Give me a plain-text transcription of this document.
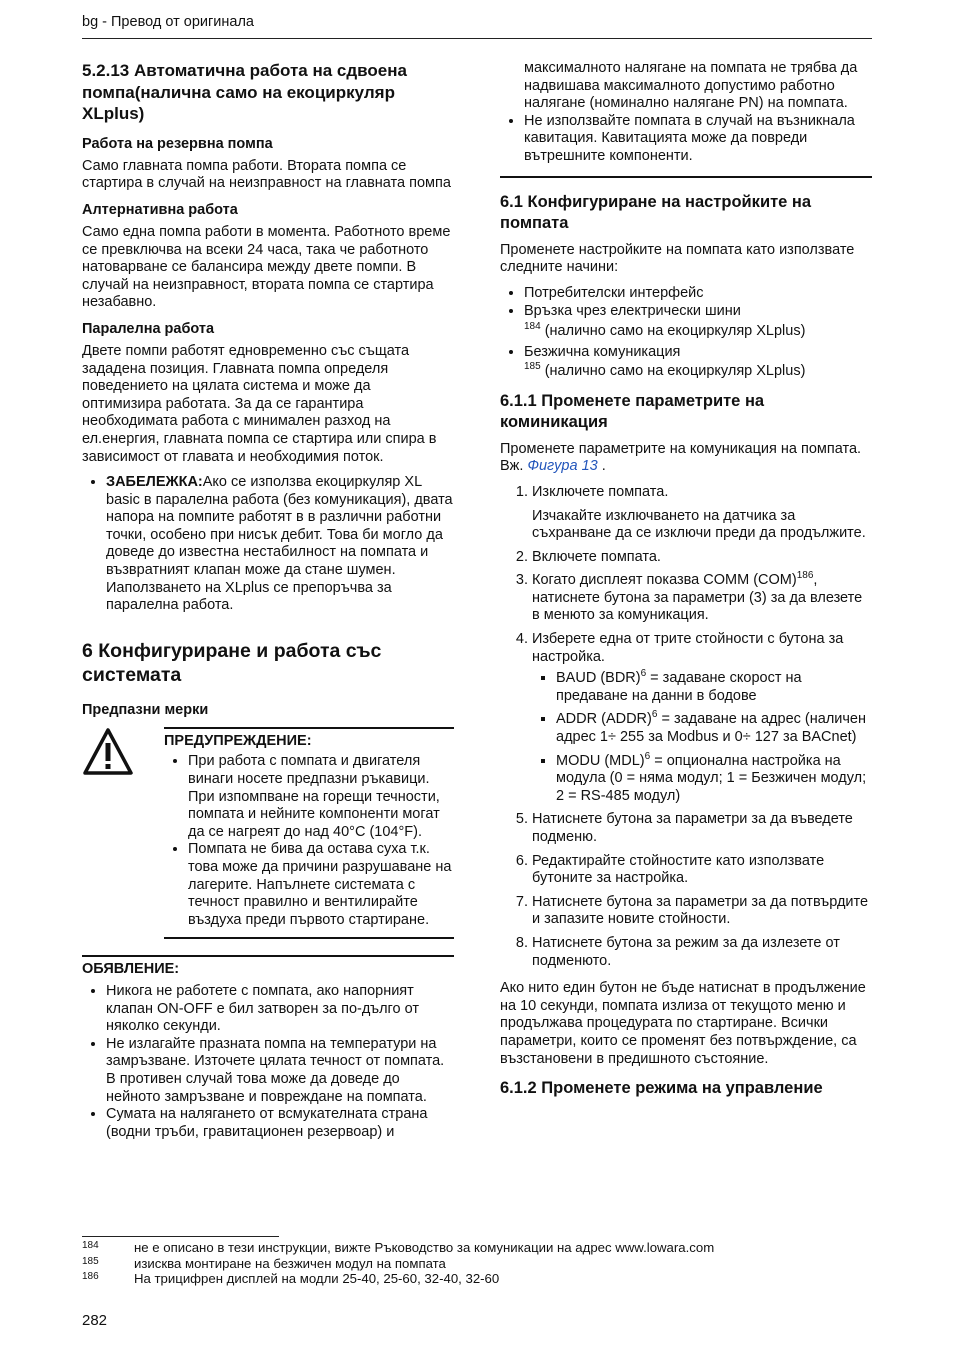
bg - Превод от оригинала
5.2.13 Автоматична работа на сдвоена помпа(налична само на екоциркуляр XLplus)
Работа на резервна помпа

Само главната помпа работи. Втората помпа се стартира в случай на неизправност на главната помпа

Алтернативна работа

Само една помпа работи в момента. Работното време се превключва на всеки 24 часа, така че работното натоварване се балансира между двете помпи. В случай на неизправност, втората помпа се стартира незабавно.

Паралелна работа

Двете помпи работят едновременно със същата зададена позиция. Главната помпа определя поведението на цялата система и може да оптимизира работата. За да се гарантира необходимата работа с минимален разход на ел.енергия, главната помпа се стартира или спира в зависимост от главата и необходимия поток.

• ЗАБЕЛЕЖКА:Ако се използва екоциркуляр XL basic в паралелна работа (без комуникация), двата напора на помпите работят в в различни работни точки, особено при нисък дебит. Това би могло да доведе до известна нестабилност на помпата и възвратният клапан може да стане шумен. Иаползването на XLplus се препоръчва за паралелна работа.
6 Конфигуриране и работа със системата
Предпазни мерки
ПРЕДУПРЕЖДЕНИЕ:
• При работа с помпата и двигателя винаги носете предпазни ръкавици. При изпомпване на горещи течности, помпата и нейните компоненти могат да се нагреят до над 40°C (104°F).
• Помпата не бива да остава суха т.к. това може да причини разрушаване на лагерите. Напълнете системата с течност правилно и вентилирайте въздуха преди първото стартиране.
ОБЯВЛЕНИЕ:
• Никога не работете с помпата, ако напорният клапан ON-OFF е бил затворен за по-дълго от няколко секунди.
• Не излагайте празната помпа на температури на замръзване. Източете цялата течност от помпата. В противен случай това може да доведе до нейното замръзване и повреждане на помпата.
• Сумата на налягането от всмукателната страна (водни тръби, гравитационен резервоар) и

максималното налягане на помпата не трябва да надвишава максималното допустимо работно налягане (номинално налягане PN) на помпата.

• Не използвайте помпата в случай на възникнала кавитация. Кавитацията може да повреди вътрешните компоненти.
6.1 Конфигуриране на настройките на помпата

Променете настройките на помпата като използвате следните начини:

• Потребителски интерфейс
• Връзка чрез електрически шини
$^{184}$ (налично само на екоциркуляр XLplus)
• Безжична комуникация
$^{185}$ (налично само на екоциркуляр XLplus)
6.1.1 Променете параметрите на коминикация

Променете параметрите на комуникация на помпата. Вж. Фигура 13 .

1. Изключете помпата.

Изчакайте изключването на датчика за съхранване да се изключи преди да продължите.

2. Включете помпата.
3. Когато дисплеят показва COMM (COM)$^{186}$, натиснете бутона за параметри (3) за да влезете в менюто за комуникация.
4. Изберете една от трите стойности с бутона за настройка.
▪ BAUD (BDR)$^6$ = задаване скорост на предаване на данни в бодове
▪ ADDR (ADDR)$^6$ = задаване на адрес (наличен адрес 1÷ 255 за Modbus и 0÷ 127 за BACnet)
▪ MODU (MDL)$^6$ = опционална настройка на модула (0 = няма модул; 1 = Безжичен модул; 2 = RS-485 модул)
5. Натиснете бутона за параметри за да въведете подменю.
6. Редактирайте стойностите като използвате бутоните за настройка.
7. Натиснете бутона за параметри за да потвърдите и запазите новите стойности.
8. Натиснете бутона за режим за да излезете от подменюто.

Ако нито един бутон не бъде натиснат в продължение на 10 секунди, помпата излиза от текущото меню и продължава процедурата по стартиране. Всички параметри, които се променят без потвърждение, са възстановени в предишното състояние.

6.1.2 Променете режима на управление
184	не е описано в тези инструкции, вижте Ръководство за комуникации на адрес www.lowara.com
185	изисква монтиране на безжичен модул на помпата
186	На трицифрен дисплей на модли 25-40, 25-60, 32-40, 32-60
282
